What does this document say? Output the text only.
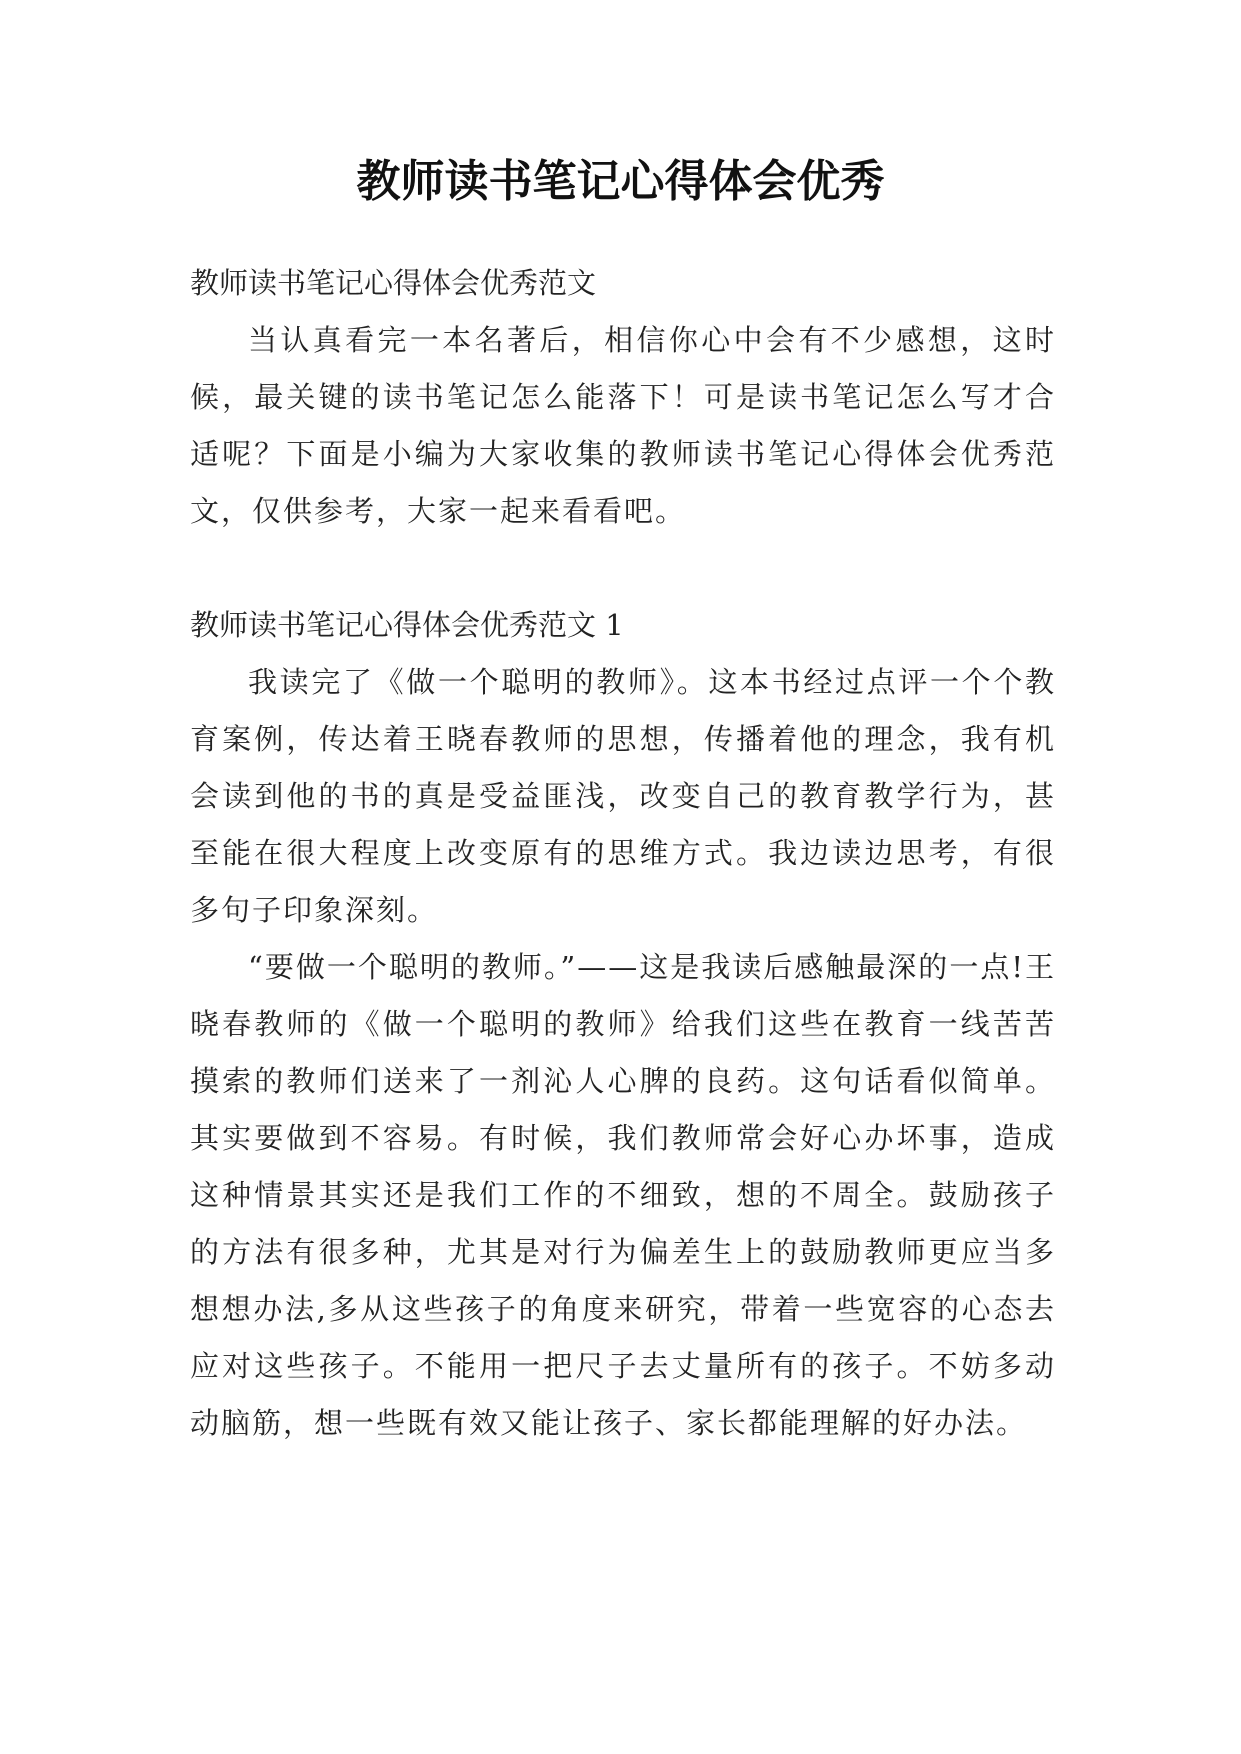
教师读书笔记心得体会优秀

教师读书笔记心得体会优秀范文

当认真看完一本名著后，相信你心中会有不少感想，这时候，最关键的读书笔记怎么能落下！可是读书笔记怎么写才合适呢？下面是小编为大家收集的教师读书笔记心得体会优秀范文，仅供参考，大家一起来看看吧。

教师读书笔记心得体会优秀范文 1

我读完了《做一个聪明的教师》。这本书经过点评一个个教育案例，传达着王晓春教师的思想，传播着他的理念，我有机会读到他的书的真是受益匪浅，改变自己的教育教学行为，甚至能在很大程度上改变原有的思维方式。我边读边思考，有很多句子印象深刻。

“要做一个聪明的教师。”——这是我读后感触最深的一点!王晓春教师的《做一个聪明的教师》给我们这些在教育一线苦苦摸索的教师们送来了一剂沁人心脾的良药。这句话看似简单。其实要做到不容易。有时候，我们教师常会好心办坏事，造成这种情景其实还是我们工作的不细致，想的不周全。鼓励孩子的方法有很多种，尤其是对行为偏差生上的鼓励教师更应当多想想办法,多从这些孩子的角度来研究，带着一些宽容的心态去应对这些孩子。不能用一把尺子去丈量所有的孩子。不妨多动动脑筋，想一些既有效又能让孩子、家长都能理解的好办法。
